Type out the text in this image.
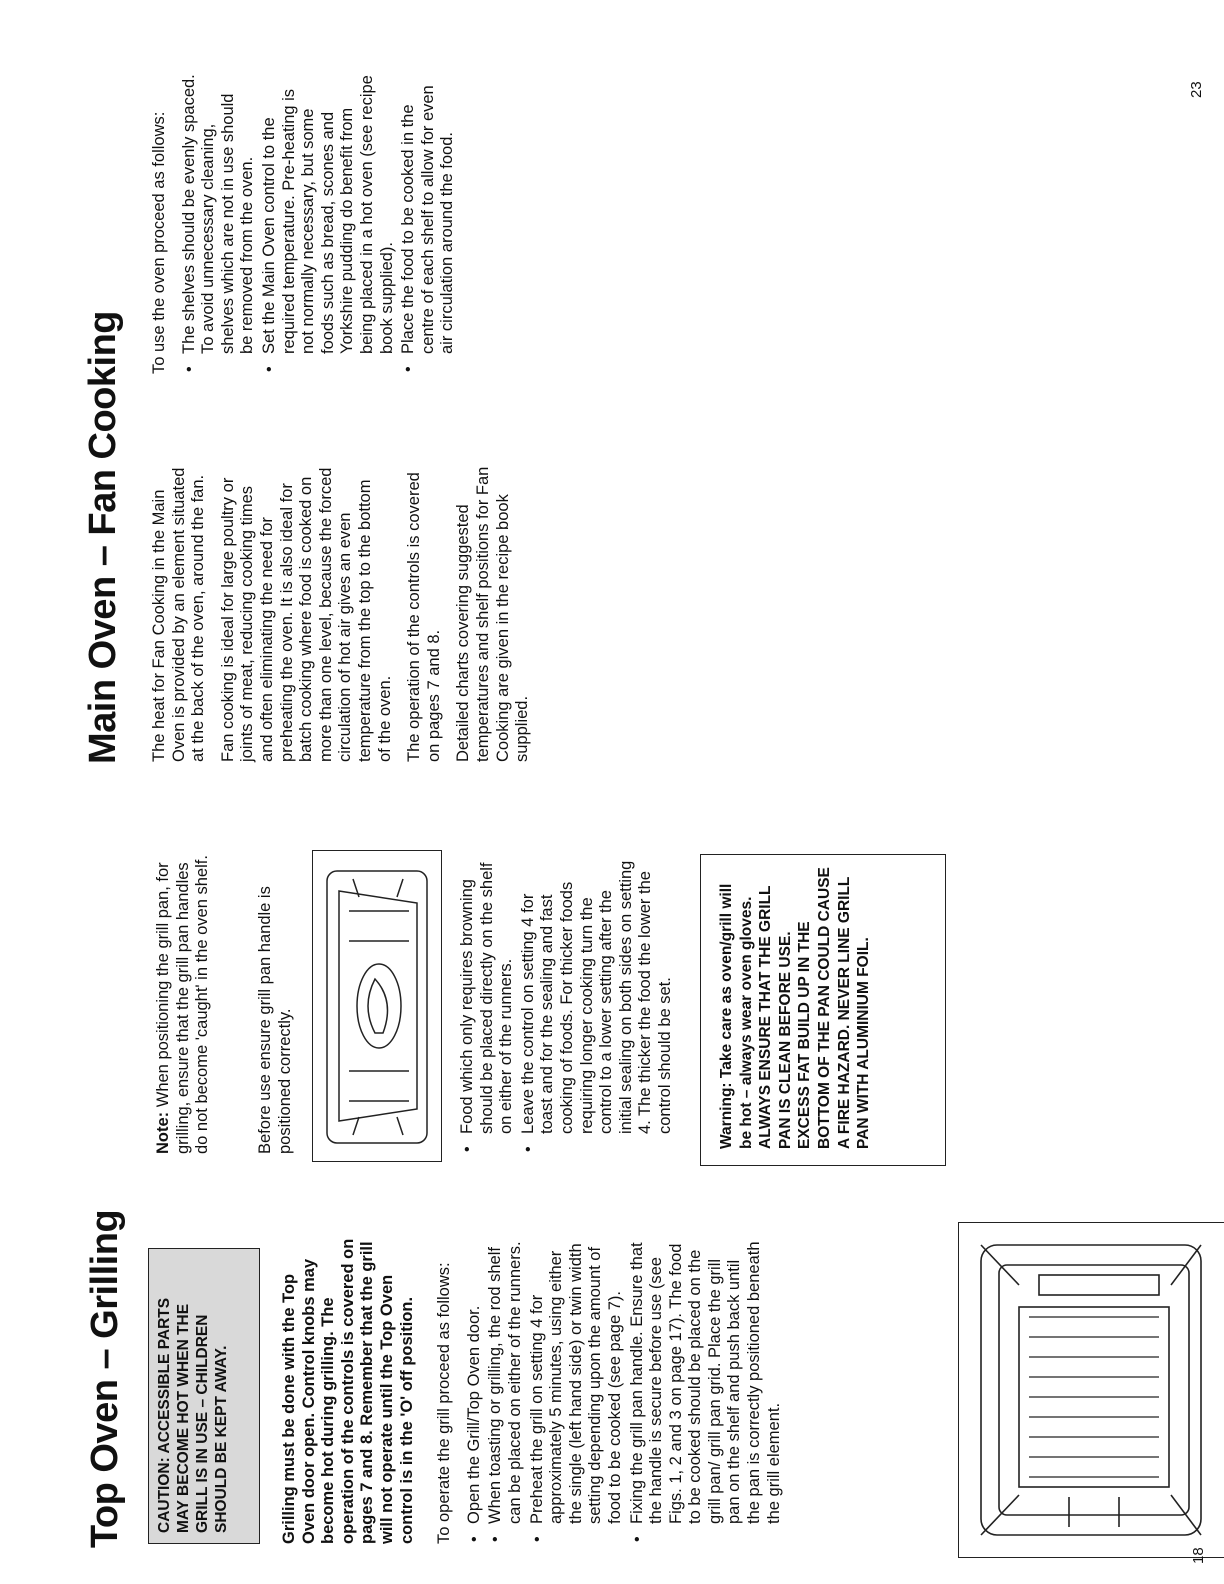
Top Oven – Grilling CAUTION: ACCESSIBLE PARTS MAY BECOME HOT WHEN THE GRILL IS IN USE – CHILDREN SHOULD BE KEPT AWAY.	Grilling must be done with the Top Oven door open. Control knobs may become hot during grilling. The operation of the controls is covered on pages 7 and 8. Remember that the grill will not operate until the Top Oven control is in the 'O' off position. To operate the grill proceed as follows: •
Open the Grill/Top Oven door.
•
When toasting or grilling, the rod shelf can be placed on either of the runners.
•
Preheat the grill on setting 4 for approximately 5 minutes, using either the single (left hand side) or twin width setting depending upon the amount of food to be cooked (see page 7).
•
Fixing the grill pan handle. Ensure that the handle is secure before use (see Figs. 1, 2 and 3 on page 17). The food to be cooked should be placed on the grill pan/ grill pan grid. Place the grill pan on the shelf and push back until the pan is correctly positioned beneath the grill element.

Note: When positioning the grill pan, for grilling, ensure that the grill pan handles do not become 'caught' in the oven shelf.	Before use ensure grill pan handle is positioned correctly.	•
Food which only requires browning should be placed directly on the shelf on either of the runners.
•
Leave the control on setting 4 for toast and for the sealing and fast cooking of foods. For thicker foods requiring longer cooking turn the control to a lower setting after the initial sealing on both sides on setting 4. The thicker the food the lower the control should be set.	Warning: Take care as oven/grill will be hot – always wear oven gloves. ALWAYS ENSURE THAT THE GRILL PAN IS CLEAN BEFORE USE. EXCESS FAT BUILD UP IN THE BOTTOM OF THE PAN COULD CAUSE A FIRE HAZARD. NEVER LINE GRILL PAN WITH ALUMINIUM FOIL.
18
Main Oven – Fan Cooking The heat for Fan Cooking in the Main Oven is provided by an element situated at the back of the oven, around the fan. Fan cooking is ideal for large poultry or joints of meat, reducing cooking times and often eliminating the need for preheating the oven. It is also ideal for batch cooking where food is cooked on more than one level, because the forced circulation of hot air gives an even temperature from the top to the bottom of the oven. The operation of the controls is covered on pages 7 and 8. Detailed charts covering suggested temperatures and shelf positions for Fan Cooking are given in the recipe book supplied.

To use the oven proceed as follows: •
The shelves should be evenly spaced. To avoid unnecessary cleaning, shelves which are not in use should be removed from the oven.
•
Set the Main Oven control to the required temperature. Pre-heating is not normally necessary, but some foods such as bread, scones and Yorkshire pudding do benefit from being placed in a hot oven (see recipe book supplied).
•
Place the food to be cooked in the centre of each shelf to allow for even air circulation around the food.
23
